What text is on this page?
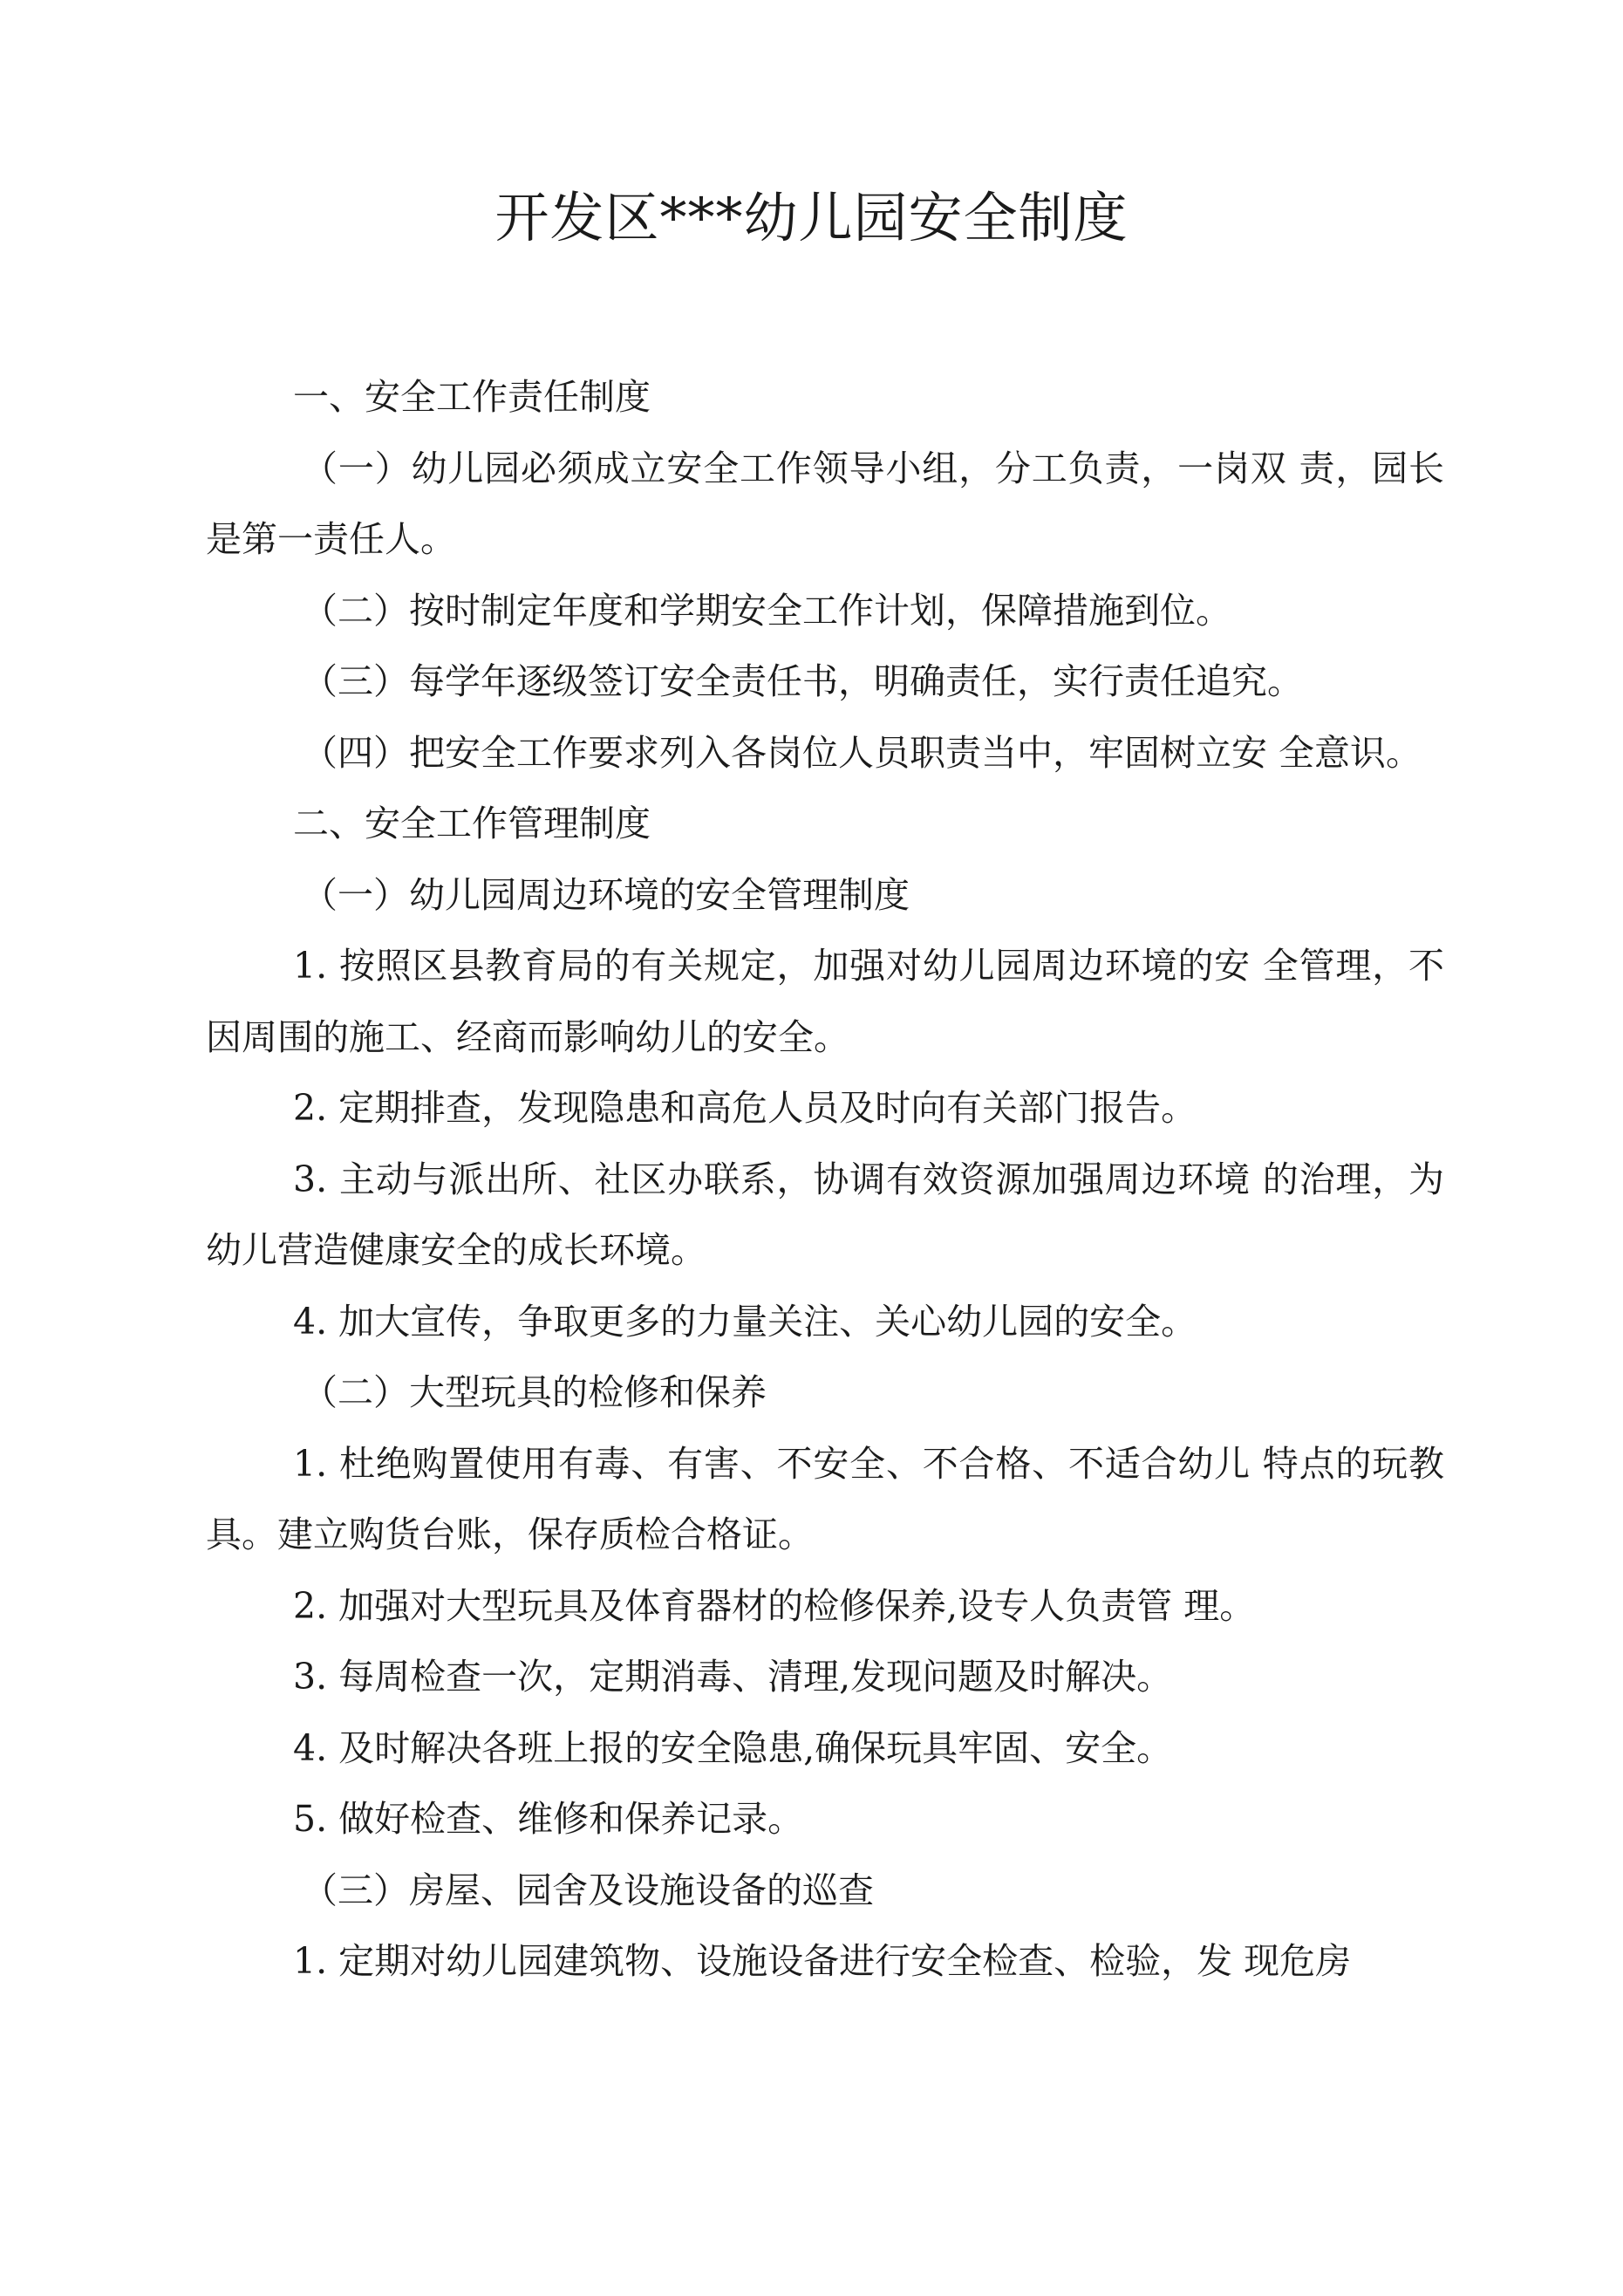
开发区***幼儿园安全制度

一、安全工作责任制度

（一）幼儿园必须成立安全工作领导小组，分工负责，一岗双 责，园长是第一责任人。

（二）按时制定年度和学期安全工作计划，保障措施到位。

（三）每学年逐级签订安全责任书，明确责任，实行责任追究。

（四）把安全工作要求列入各岗位人员职责当中，牢固树立安 全意识。

二、安全工作管理制度

（一）幼儿园周边环境的安全管理制度

1. 按照区县教育局的有关规定，加强对幼儿园周边环境的安 全管理，不因周围的施工、经商而影响幼儿的安全。

2. 定期排查，发现隐患和高危人员及时向有关部门报告。

3. 主动与派出所、社区办联系，协调有效资源加强周边环境 的治理，为幼儿营造健康安全的成长环境。

4. 加大宣传，争取更多的力量关注、关心幼儿园的安全。

（二）大型玩具的检修和保养

1. 杜绝购置使用有毒、有害、不安全、不合格、不适合幼儿 特点的玩教具。建立购货台账，保存质检合格证。

2. 加强对大型玩具及体育器材的检修保养,设专人负责管 理。

3. 每周检查一次，定期消毒、清理,发现问题及时解决。

4. 及时解决各班上报的安全隐患,确保玩具牢固、安全。

5. 做好检查、维修和保养记录。

（三）房屋、园舍及设施设备的巡查

1. 定期对幼儿园建筑物、设施设备进行安全检查、检验，发 现危房
